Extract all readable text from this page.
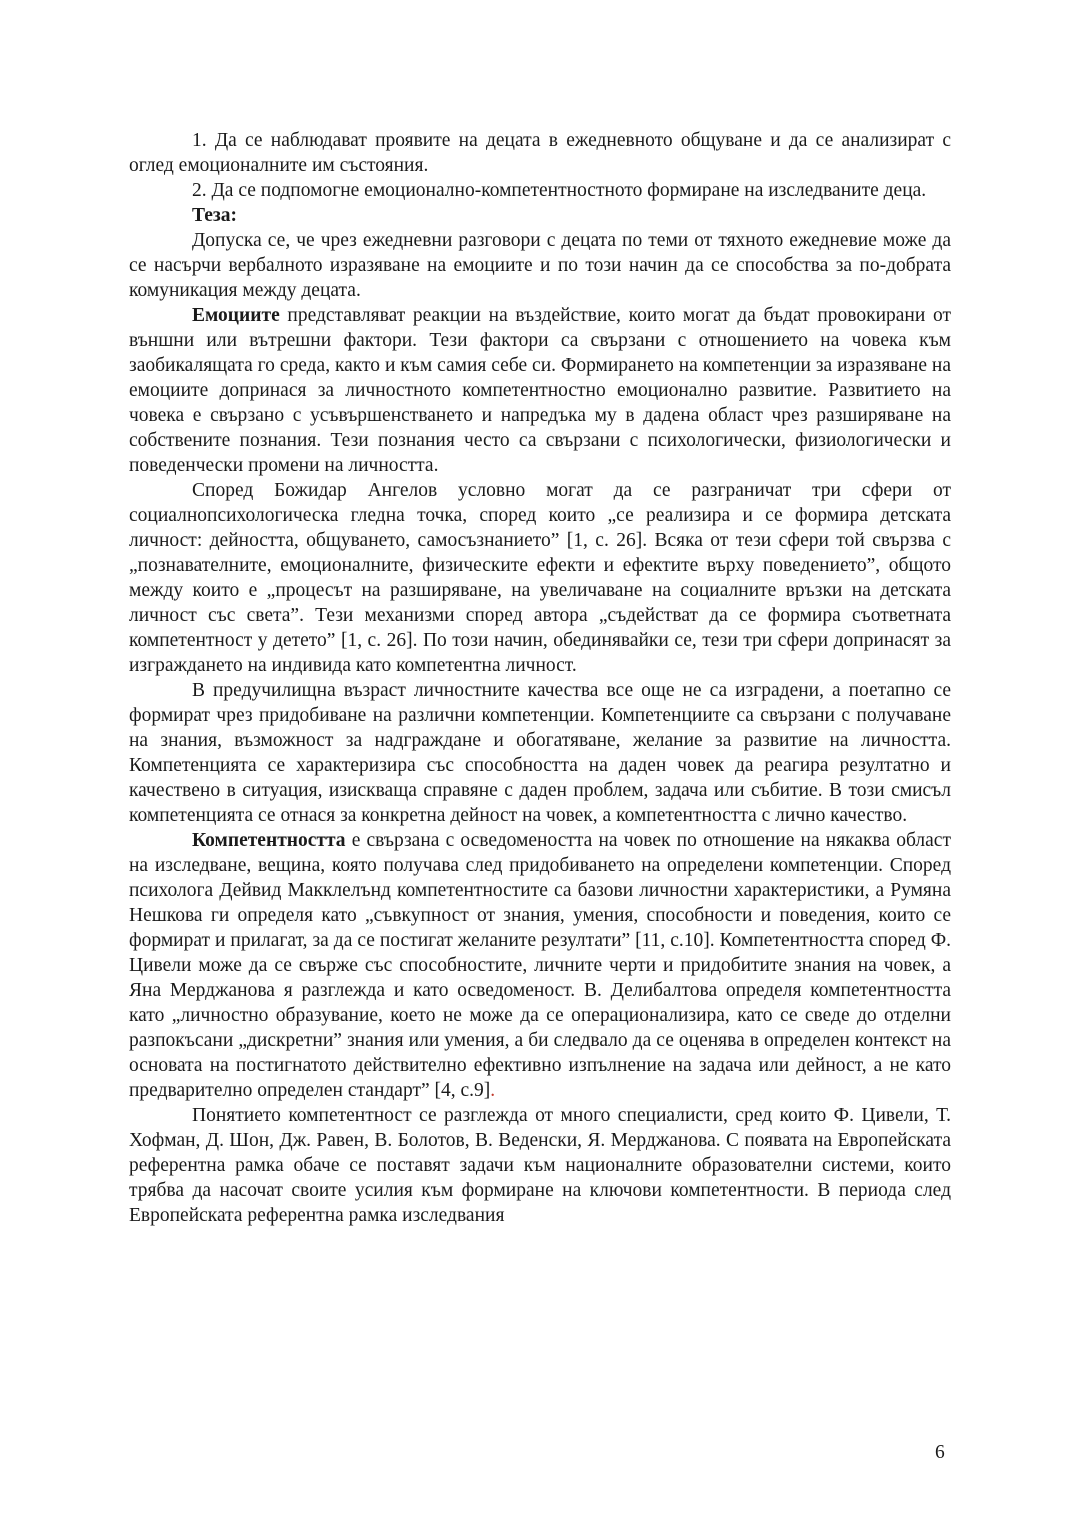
1. Да се наблюдават проявите на децата в ежедневното общуване и да се анализират с оглед емоционалните им състояния.

2. Да се подпомогне емоционално-компетентностното формиране на изследваните деца.

Теза:

Допуска се, че чрез ежедневни разговори с децата по теми от тяхното ежедневие може да се насърчи вербалното изразяване на емоциите и по този начин да се способства за по-добрата комуникация между децата.

Емоциите представляват реакции на въздействие, които могат да бъдат провокирани от външни или вътрешни фактори. Тези фактори са свързани с отношението на човека към заобикалящата го среда, както и към самия себе си. Формирането на компетенции за изразяване на емоциите допринася за личностното компетентностно емоционално развитие. Развитието на човека е свързано с усъвършенстването и напредъка му в дадена област чрез разширяване на собствените познания. Тези познания често са свързани с психологически, физиологически и поведенчески промени на личността.

Според Божидар Ангелов условно могат да се разграничат три сфери от социалнопсихологическа гледна точка, според които „се реализира и се формира детската личност: дейността, общуването, самосъзнанието” [1, с. 26]. Всяка от тези сфери той свързва с „познавателните, емоционалните, физическите ефекти и ефектите върху поведението”, общото между които е „процесът на разширяване, на увеличаване на социалните връзки на детската личност със света”. Тези механизми според автора „съдействат да се формира съответната компетентност у детето” [1, с. 26]. По този начин, обединявайки се, тези три сфери допринасят за изграждането на индивида като компетентна личност.

В предучилищна възраст личностните качества все още не са изградени, а поетапно се формират чрез придобиване на различни компетенции. Компетенциите са свързани с получаване на знания, възможност за надграждане и обогатяване, желание за развитие на личността. Компетенцията се характеризира със способността на даден човек да реагира резултатно и качествено в ситуация, изискваща справяне с даден проблем, задача или събитие. В този смисъл компетенцията се отнася за конкретна дейност на човек, а компетентността с лично качество.

Компетентността е свързана с осведомеността на човек по отношение на някаква област на изследване, вещина, която получава след придобиването на определени компетенции. Според психолога Дейвид Макклелънд компетентностите са базови личностни характеристики, а Румяна Нешкова ги определя като „съвкупност от знания, умения, способности и поведения, които се формират и прилагат, за да се постигат желаните резултати” [11, с.10]. Компетентността според Ф. Цивели може да се свърже със способностите, личните черти и придобитите знания на човек, а Яна Мерджанова я разглежда и като осведоменост. В. Делибалтова определя компетентността като „личностно образувание, което не може да се операционализира, като се сведе до отделни разпокъсани „дискретни” знания или умения, а би следвало да се оценява в определен контекст на основата на постигнатото действително ефективно изпълнение на задача или дейност, а не като предварително определен стандарт” [4, с.9].

Понятието компетентност се разглежда от много специалисти, сред които Ф. Цивели, Т. Хофман, Д. Шон, Дж. Равен, В. Болотов, В. Веденски, Я. Мерджанова. С появата на Европейската референтна рамка обаче се поставят задачи към националните образователни системи, които трябва да насочат своите усилия към формиране на ключови компетентности. В периода след Европейската референтна рамка изследвания

6
